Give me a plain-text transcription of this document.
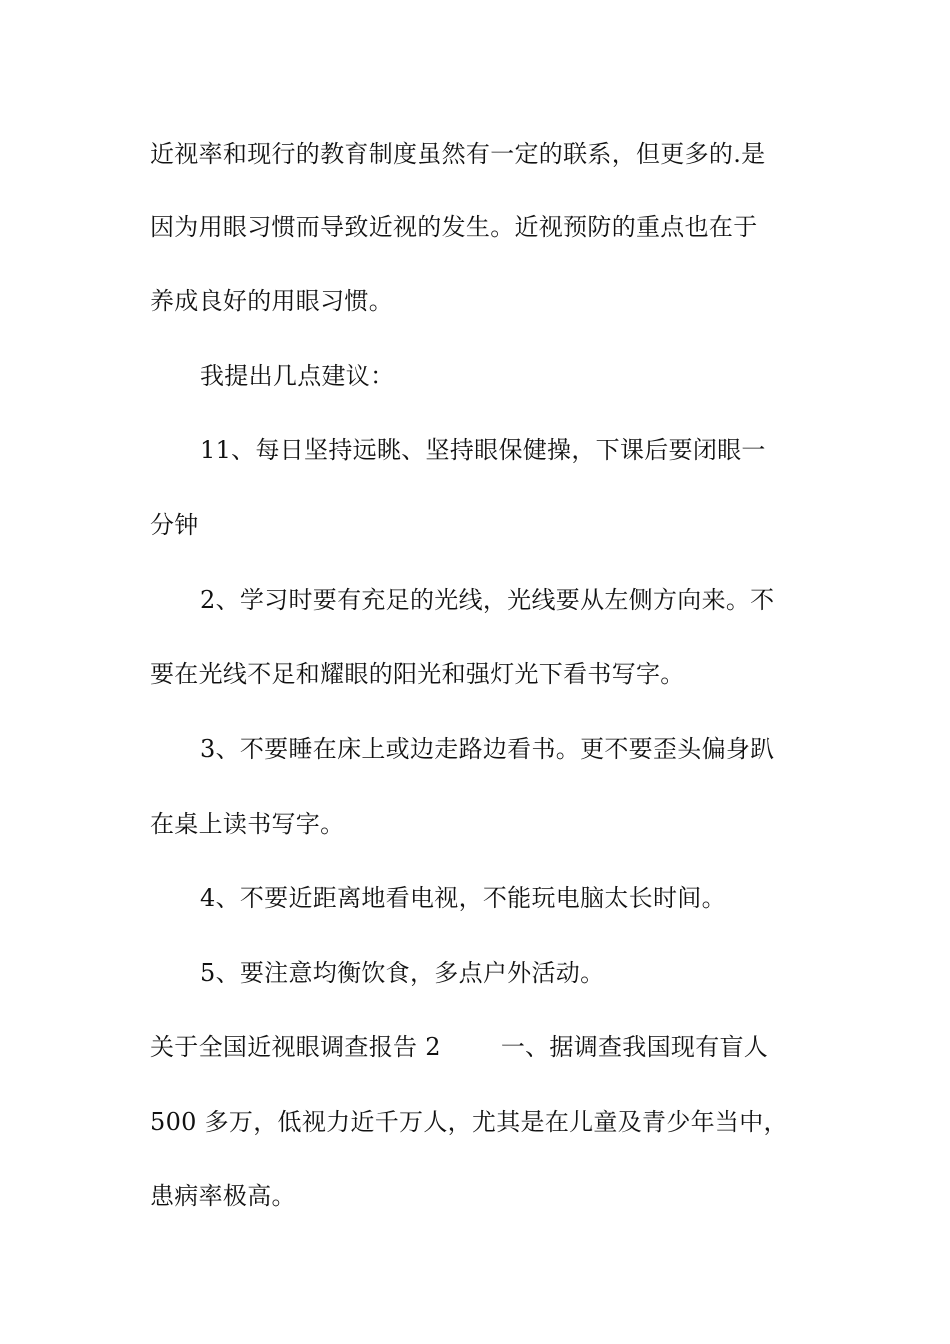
近视率和现行的教育制度虽然有一定的联系，但更多的.是
因为用眼习惯而导致近视的发生。近视预防的重点也在于
养成良好的用眼习惯。
我提出几点建议：
11、每日坚持远眺、坚持眼保健操，下课后要闭眼一
分钟
2、学习时要有充足的光线，光线要从左侧方向来。不
要在光线不足和耀眼的阳光和强灯光下看书写字。
3、不要睡在床上或边走路边看书。更不要歪头偏身趴
在桌上读书写字。
4、不要近距离地看电视，不能玩电脑太长时间。
5、要注意均衡饮食，多点户外活动。
关于全国近视眼调查报告 2	一、据调查我国现有盲人
500 多万，低视力近千万人，尤其是在儿童及青少年当中，
患病率极高。
